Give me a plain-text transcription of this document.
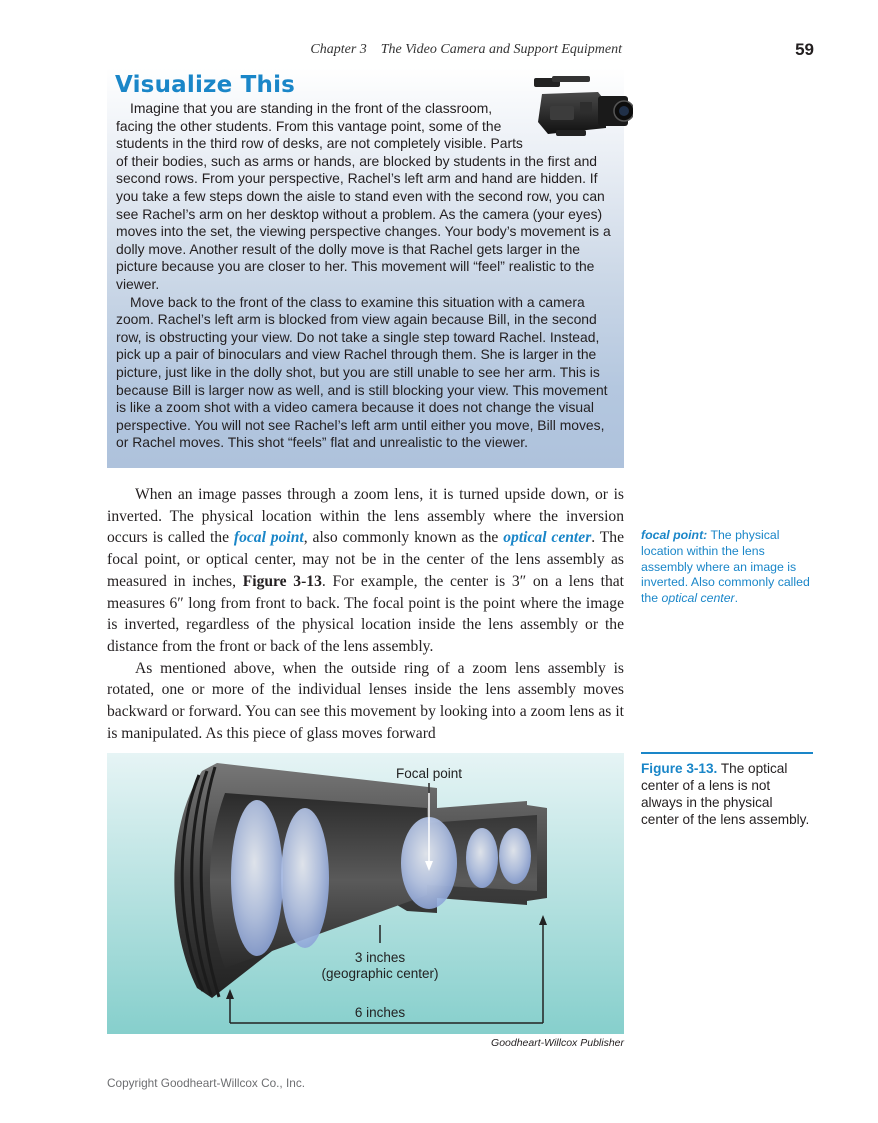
Chapter 3 The Video Camera and Support Equipment	59
Visualize This

Imagine that you are standing in the front of the classroom, facing the other students. From this vantage point, some of the students in the third row of desks, are not completely visible. Parts of their bodies, such as arms or hands, are blocked by students in the first and second rows. From your perspective, Rachel’s left arm and hand are hidden. If you take a few steps down the aisle to stand even with the second row, you can see Rachel’s arm on her desktop without a problem. As the camera (your eyes) moves into the set, the viewing perspective changes. Your body’s movement is a dolly move. Another result of the dolly move is that Rachel gets larger in the picture because you are closer to her. This movement will “feel” realistic to the viewer.

Move back to the front of the class to examine this situation with a camera zoom. Rachel’s left arm is blocked from view again because Bill, in the second row, is obstructing your view. Do not take a single step toward Rachel. Instead, pick up a pair of binoculars and view Rachel through them. She is larger in the picture, just like in the dolly shot, but you are still unable to see her arm. This is because Bill is larger now as well, and is still blocking your view. This movement is like a zoom shot with a video camera because it does not change the visual perspective. You will not see Rachel’s left arm until either you move, Bill moves, or Rachel moves. This shot “feels” flat and unrealistic to the viewer.

When an image passes through a zoom lens, it is turned upside down, or is inverted. The physical location within the lens assembly where the inversion occurs is called the focal point, also commonly known as the optical center. The focal point, or optical center, may not be in the center of the lens assembly as measured in inches, Figure 3-13. For example, the center is 3″ on a lens that measures 6″ long from front to back. The focal point is the point where the image is inverted, regardless of the physical location inside the lens assembly or the distance from the front or back of the lens assembly.

As mentioned above, when the outside ring of a zoom lens assembly is rotated, one or more of the individual lenses inside the lens assembly moves backward or forward. You can see this movement by looking into a zoom lens as it is manipulated. As this piece of glass moves forward

focal point: The physical location within the lens assembly where an image is inverted. Also commonly called the optical center.
Figure 3-13. The optical center of a lens is not always in the physical center of the lens assembly.
Focal point
3 inches
(geographic center)
6 inches
Goodheart-Willcox Publisher
Copyright Goodheart-Willcox Co., Inc.
